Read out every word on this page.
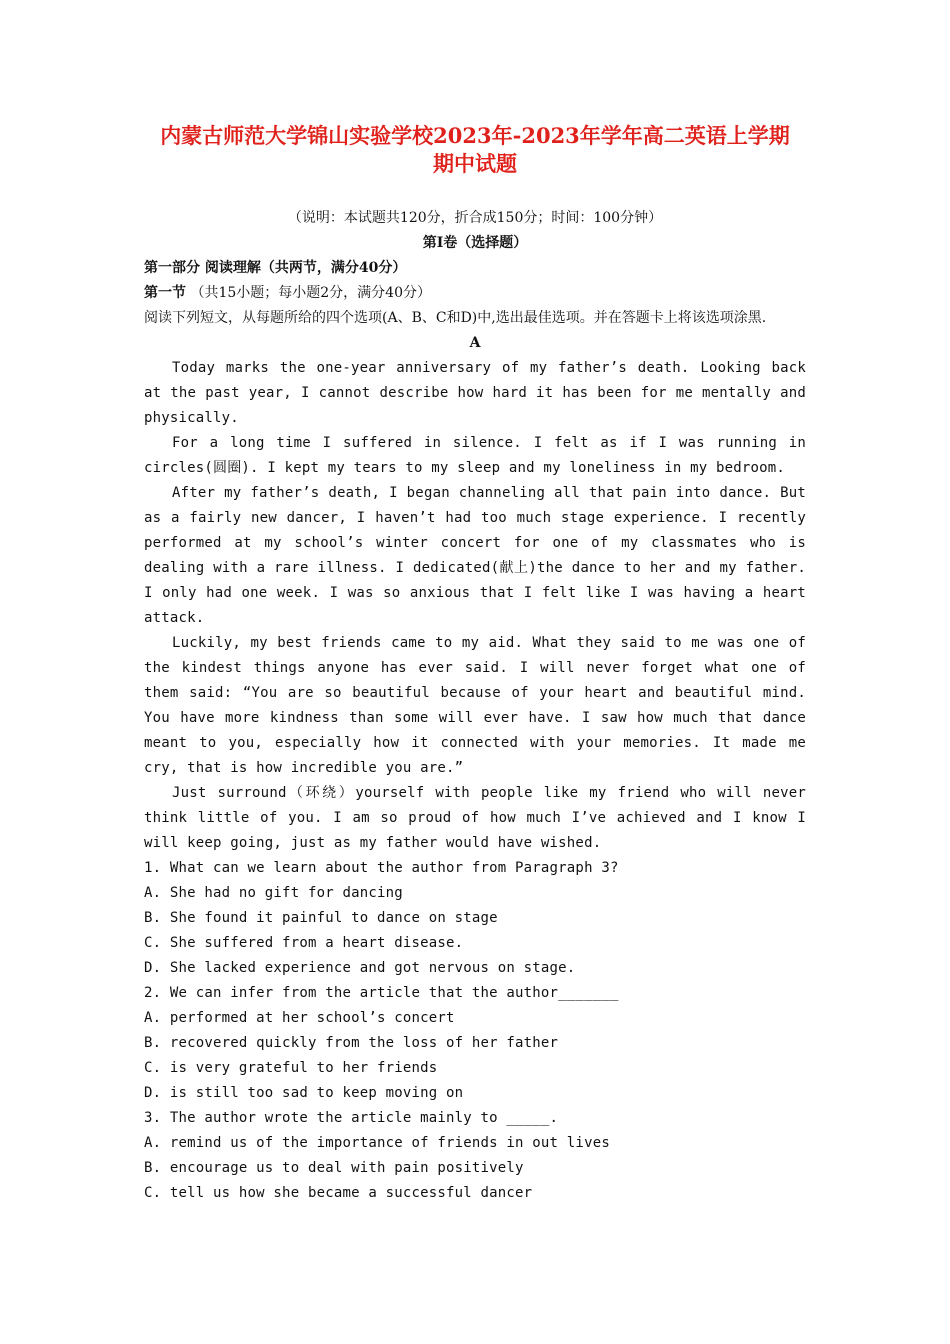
内蒙古师范大学锦山实验学校2023年-2023年学年高二英语上学期
期中试题
（说明：本试题共120分，折合成150分；时间：100分钟）
第Ⅰ卷（选择题）
第一部分 阅读理解（共两节，满分40分）
第一节 （共15小题；每小题2分，满分40分）
阅读下列短文，从每题所给的四个选项(A、B、C和D)中,选出最佳选项。并在答题卡上将该选项涂黑.
A

Today marks the one-year anniversary of my father’s death. Looking back at the past year, I cannot describe how hard it has been for me mentally and physically.

For a long time I suffered in silence. I felt as if I was running in circles(圆圈). I kept my tears to my sleep and my loneliness in my bedroom.

After my father’s death, I began channeling all that pain into dance. But as a fairly new dancer, I haven’t had too much stage experience. I recently performed at my school’s winter concert for one of my classmates who is dealing with a rare illness. I dedicated(献上)the dance to her and my father. I only had one week. I was so anxious that I felt like I was having a heart attack.

Luckily, my best friends came to my aid. What they said to me was one of the kindest things anyone has ever said. I will never forget what one of them said: “You are so beautiful because of your heart and beautiful mind. You have more kindness than some will ever have. I saw how much that dance meant to you, especially how it connected with your memories. It made me cry, that is how incredible you are.”

Just surround（环绕）yourself with people like my friend who will never think little of you. I am so proud of how much I’ve achieved and I know I will keep going, just as my father would have wished.

1. What can we learn about the author from Paragraph 3?

A. She had no gift for dancing

B. She found it painful to dance on stage

C. She suffered from a heart disease.

D. She lacked experience and got nervous on stage.

2. We can infer from the article that the author_______

A. performed at her school’s concert

B. recovered quickly from the loss of her father

C. is very grateful to her friends

D. is still too sad to keep moving on

3. The author wrote the article mainly to _____.

A. remind us of the importance of friends in out lives

B. encourage us to deal with pain positively

C. tell us how she became a successful dancer
